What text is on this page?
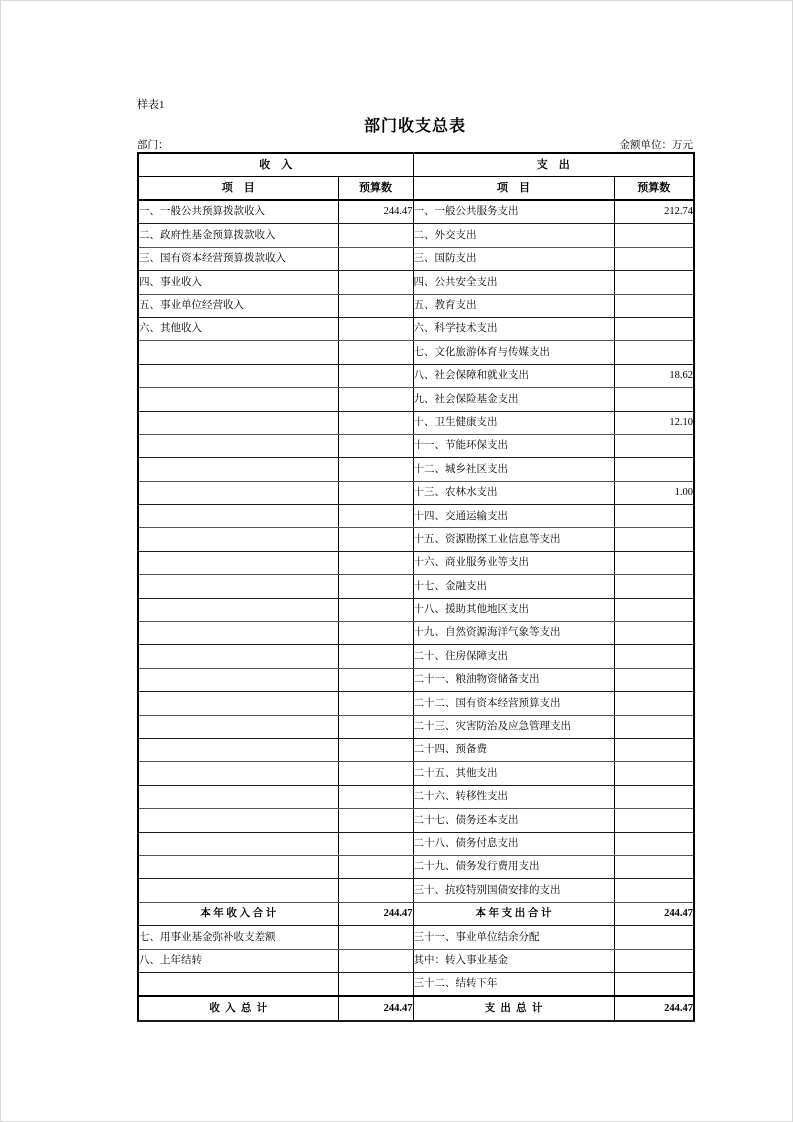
样表1
部门收支总表
部门：	金额单位：万元
收　入		支　出	
项　目	预算数	项　目	预算数
一、一般公共预算拨款收入	244.47	一、一般公共服务支出	212.74
二、政府性基金预算拨款收入		二、外交支出	
三、国有资本经营预算拨款收入		三、国防支出	
四、事业收入		四、公共安全支出	
五、事业单位经营收入		五、教育支出	
六、其他收入		六、科学技术支出	
		七、文化旅游体育与传媒支出	
		八、社会保障和就业支出	18.62
		九、社会保险基金支出	
		十、卫生健康支出	12.10
		十一、节能环保支出	
		十二、城乡社区支出	
		十三、农林水支出	1.00
		十四、交通运输支出	
		十五、资源勘探工业信息等支出	
		十六、商业服务业等支出	
		十七、金融支出	
		十八、援助其他地区支出	
		十九、自然资源海洋气象等支出	
		二十、住房保障支出	
		二十一、粮油物资储备支出	
		二十二、国有资本经营预算支出	
		二十三、灾害防治及应急管理支出	
		二十四、预备费	
		二十五、其他支出	
		二十六、转移性支出	
		二十七、债务还本支出	
		二十八、债务付息支出	
		二十九、债务发行费用支出	
		三十、抗疫特别国债安排的支出	
本 年 收 入 合 计	244.47	本 年 支 出 合 计	244.47
七、用事业基金弥补收支差额		三十一、事业单位结余分配	
八、上年结转		其中：转入事业基金	
		三十二、结转下年	
收  入  总  计	244.47	支  出  总  计	244.47
